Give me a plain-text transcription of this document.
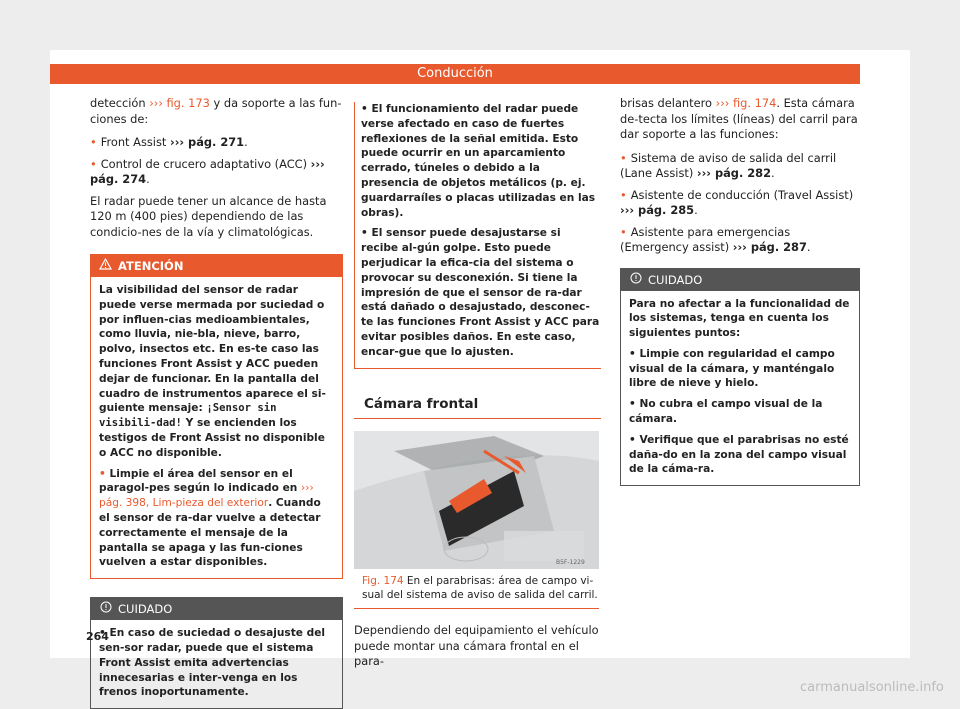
Conducción

detección ››› fig. 173 y da soporte a las fun-ciones de:

• Front Assist ››› pág. 271.

• Control de crucero adaptativo (ACC) ››› pág. 274.

El radar puede tener un alcance de hasta 120 m (400 pies) dependiendo de las condicio-nes de la vía y climatológicas.

ATENCIÓN

La visibilidad del sensor de radar puede verse mermada por suciedad o por influen-cias medioambientales, como lluvia, nie-bla, nieve, barro, polvo, insectos etc. En es-te caso las funciones Front Assist y ACC pueden dejar de funcionar. En la pantalla del cuadro de instrumentos aparece el si-guiente mensaje: ¡Sensor sin visibili-dad! Y se encienden los testigos de Front Assist no disponible o ACC no disponible.

• Limpie el área del sensor en el paragol-pes según lo indicado en ››› pág. 398, Lim-pieza del exterior. Cuando el sensor de ra-dar vuelve a detectar correctamente el mensaje de la pantalla se apaga y las fun-ciones vuelven a estar disponibles.

CUIDADO

• En caso de suciedad o desajuste del sen-sor radar, puede que el sistema Front Assist emita advertencias innecesarias e inter-venga en los frenos inoportunamente.

• El funcionamiento del radar puede verse afectado en caso de fuertes reflexiones de la señal emitida. Esto puede ocurrir en un aparcamiento cerrado, túneles o debido a la presencia de objetos metálicos (p. ej. guardarraíles o placas utilizadas en las obras).

• El sensor puede desajustarse si recibe al-gún golpe. Esto puede perjudicar la efica-cia del sistema o provocar su desconexión. Si tiene la impresión de que el sensor de ra-dar está dañado o desajustado, desconec-te las funciones Front Assist y ACC para evitar posibles daños. En este caso, encar-gue que lo ajusten.

Cámara frontal
B5F-1229
Fig. 174 En el parabrisas: área de campo vi-sual del sistema de aviso de salida del carril.

Dependiendo del equipamiento el vehículo puede montar una cámara frontal en el para-

brisas delantero ››› fig. 174. Esta cámara de-tecta los límites (líneas) del carril para dar soporte a las funciones:

• Sistema de aviso de salida del carril (Lane Assist) ››› pág. 282.

• Asistente de conducción (Travel Assist) ››› pág. 285.

• Asistente para emergencias (Emergency assist) ››› pág. 287.

CUIDADO

Para no afectar a la funcionalidad de los sistemas, tenga en cuenta los siguientes puntos:

• Limpie con regularidad el campo visual de la cámara, y manténgalo libre de nieve y hielo.

• No cubra el campo visual de la cámara.

• Verifique que el parabrisas no esté daña-do en la zona del campo visual de la cáma-ra.

264
carmanualsonline.info
